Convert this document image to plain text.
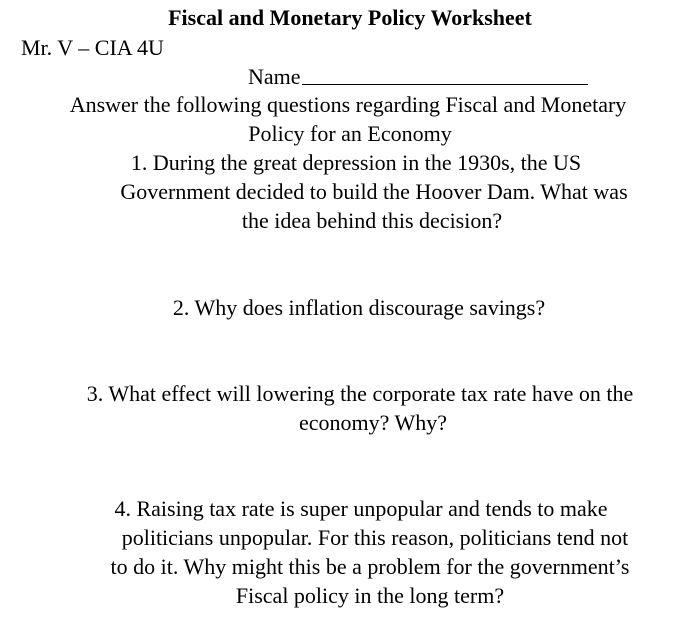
Fiscal and Monetary Policy Worksheet
Mr. V – CIA 4U
Name
Answer the following questions regarding Fiscal and Monetary
Policy for an Economy
1. During the great depression in the 1930s, the US
Government decided to build the Hoover Dam. What was
the idea behind this decision?
2. Why does inflation discourage savings?
3. What effect will lowering the corporate tax rate have on the
economy? Why?
4. Raising tax rate is super unpopular and tends to make
politicians unpopular. For this reason, politicians tend not
to do it. Why might this be a problem for the government’s
Fiscal policy in the long term?
